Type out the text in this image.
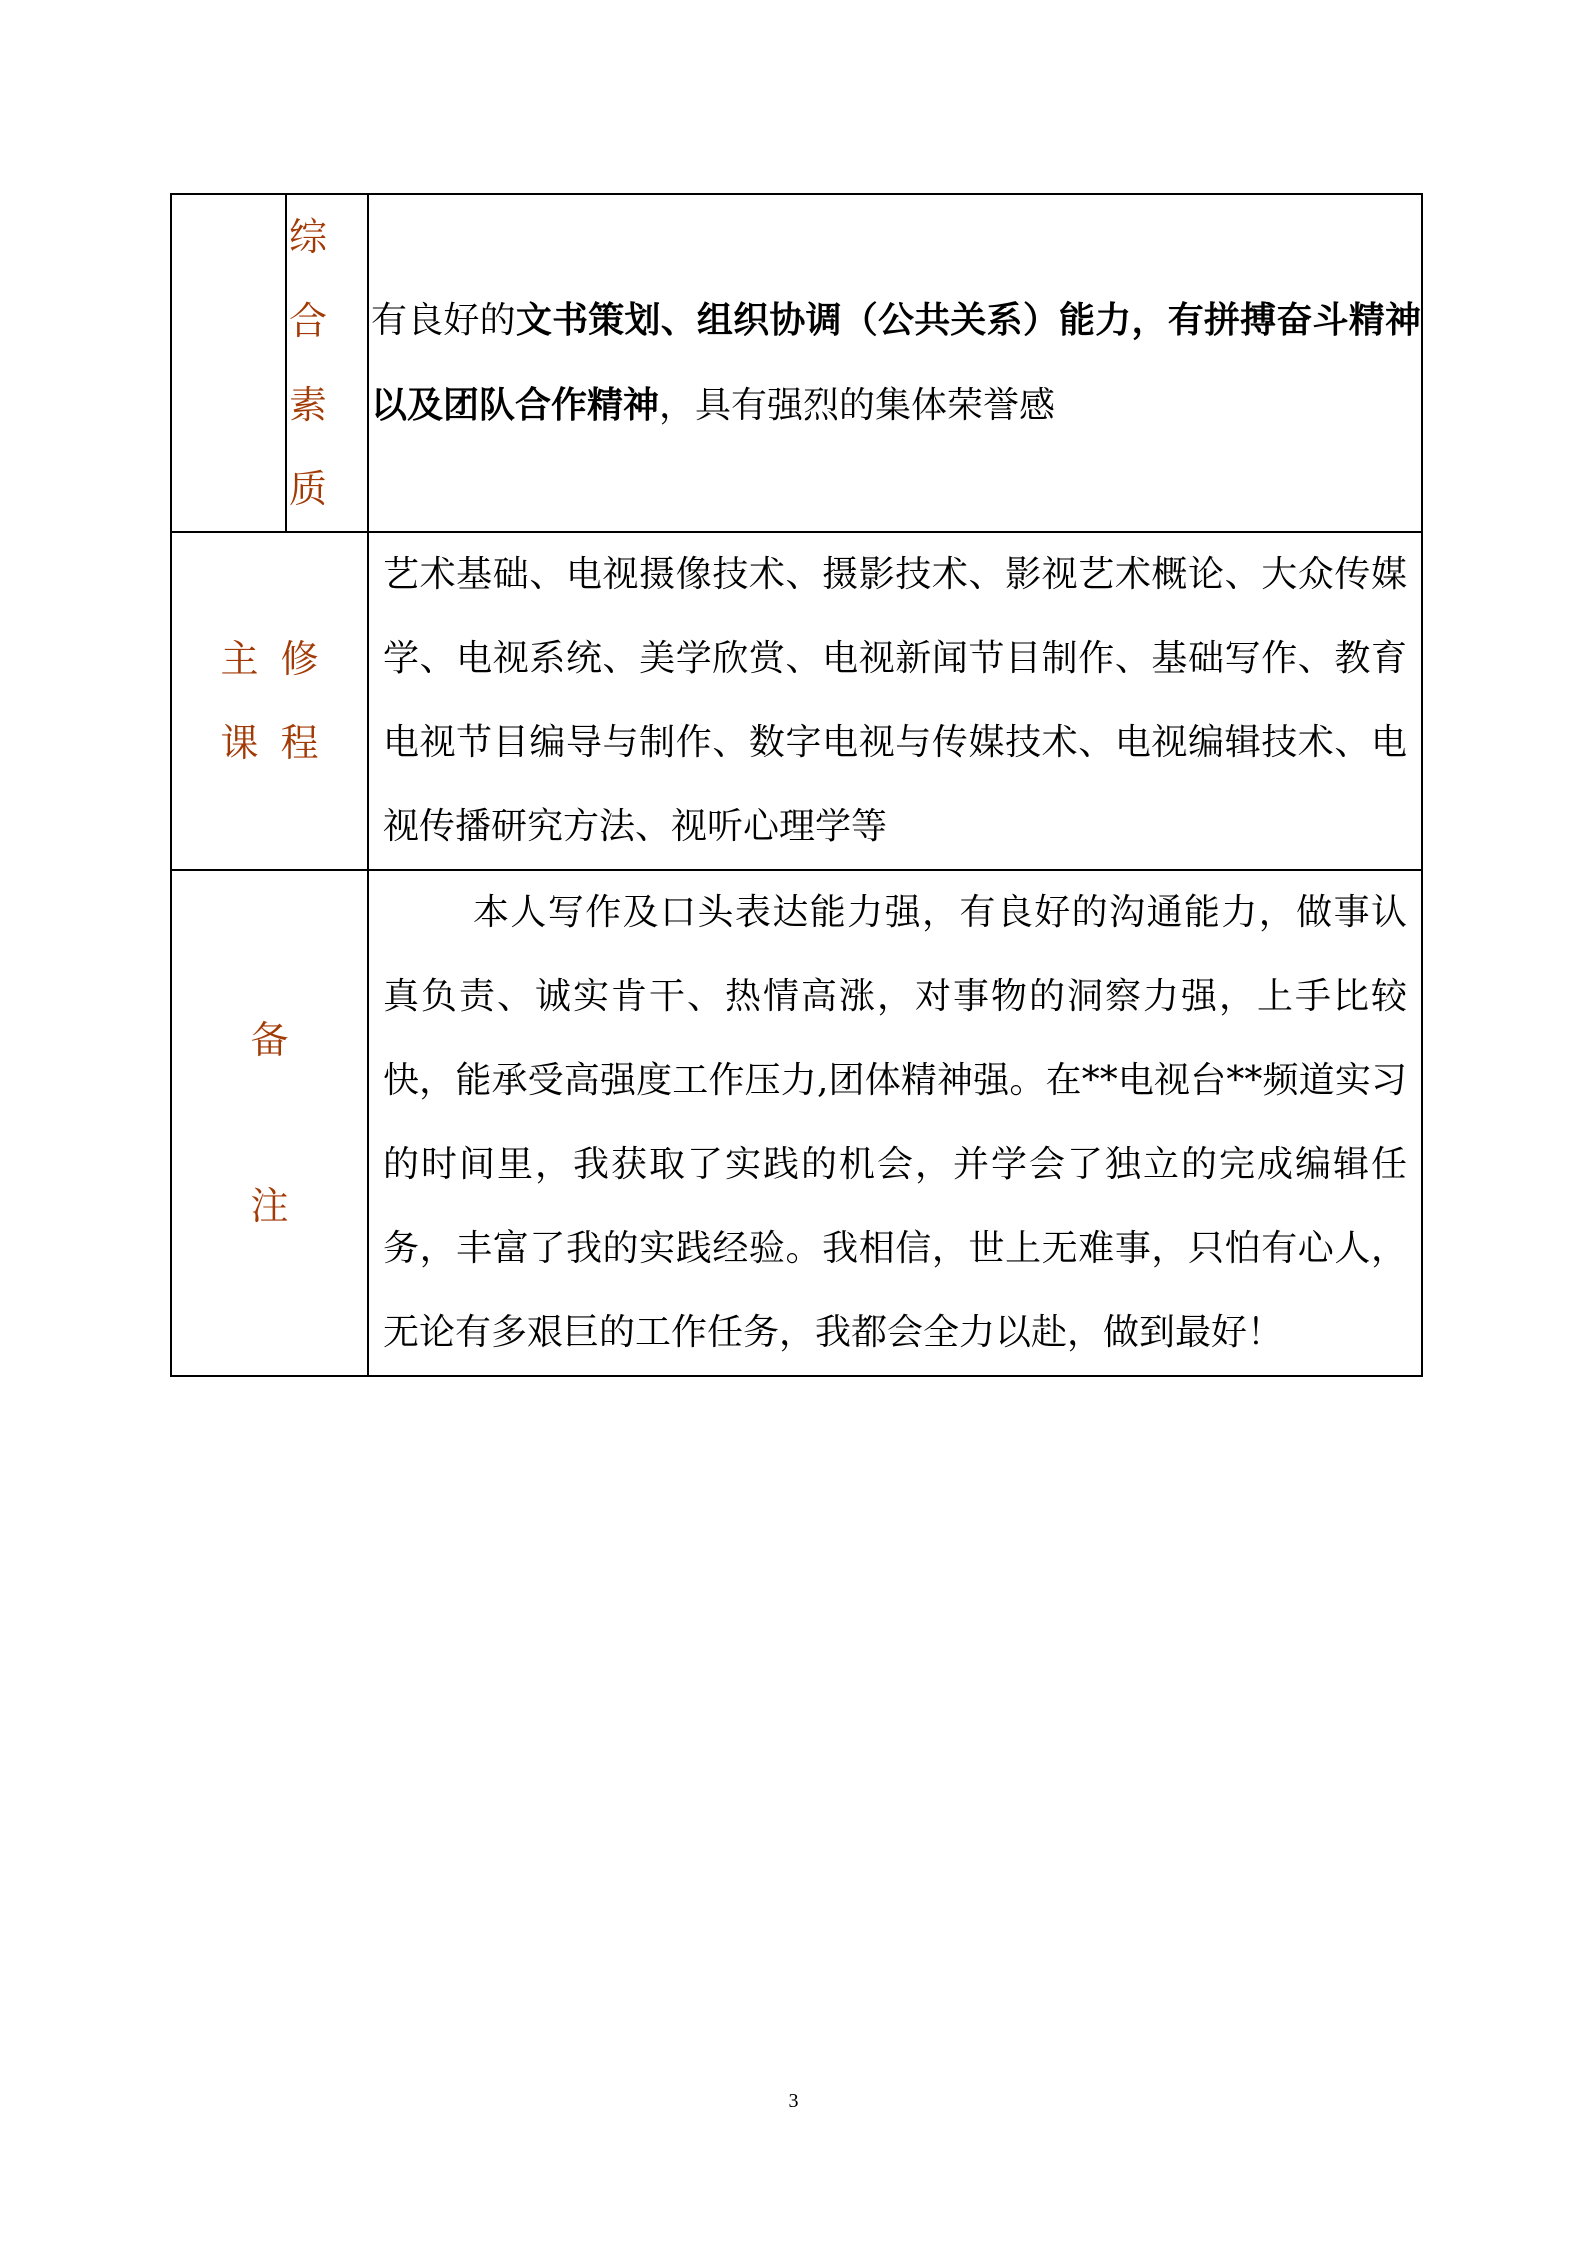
	综
合
素
质	有良好的文书策划、组织协调（公共关系）能力，有拼搏奋斗精神以及团队合作精神，具有强烈的集体荣誉感

主修
课程		艺术基础、电视摄像技术、摄影技术、影视艺术概论、大众传媒学、电视系统、美学欣赏、电视新闻节目制作、基础写作、教育电视节目编导与制作、数字电视与传媒技术、电视编辑技术、电视传播研究方法、视听心理学等

备
注		本人写作及口头表达能力强，有良好的沟通能力，做事认真负责、诚实肯干、热情高涨，对事物的洞察力强，上手比较快，能承受高强度工作压力,团体精神强。在**电视台**频道实习的时间里，我获取了实践的机会，并学会了独立的完成编辑任务，丰富了我的实践经验。我相信，世上无难事，只怕有心人，无论有多艰巨的工作任务，我都会全力以赴，做到最好！
3
